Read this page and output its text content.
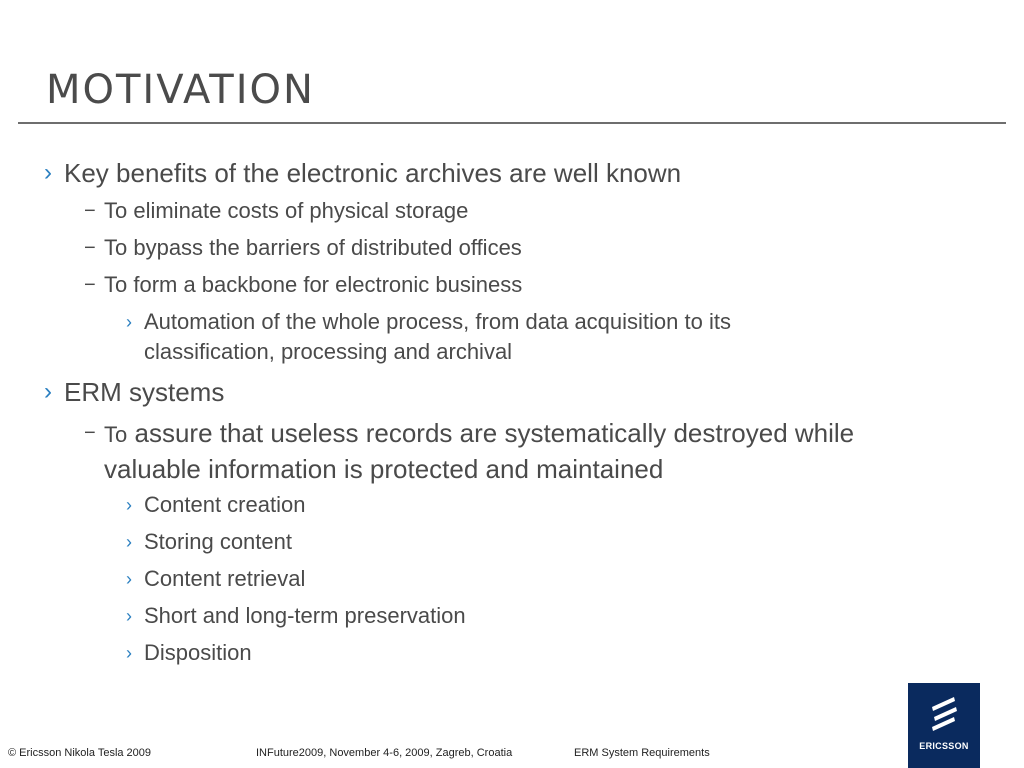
MOTIVATION
› Key benefits of the electronic archives are well known
− To eliminate costs of physical storage
− To bypass the barriers of distributed offices
− To form a backbone for electronic business
› Automation of the whole process, from data acquisition to its
classification, processing and archival
› ERM systems
− To assure that useless records are systematically destroyed while
valuable information is protected and maintained
› Content creation
› Storing content
› Content retrieval
› Short and long-term preservation
› Disposition
ERICSSON
© Ericsson Nikola Tesla 2009	INFuture2009, November 4-6, 2009, Zagreb, Croatia	ERM System Requirements
